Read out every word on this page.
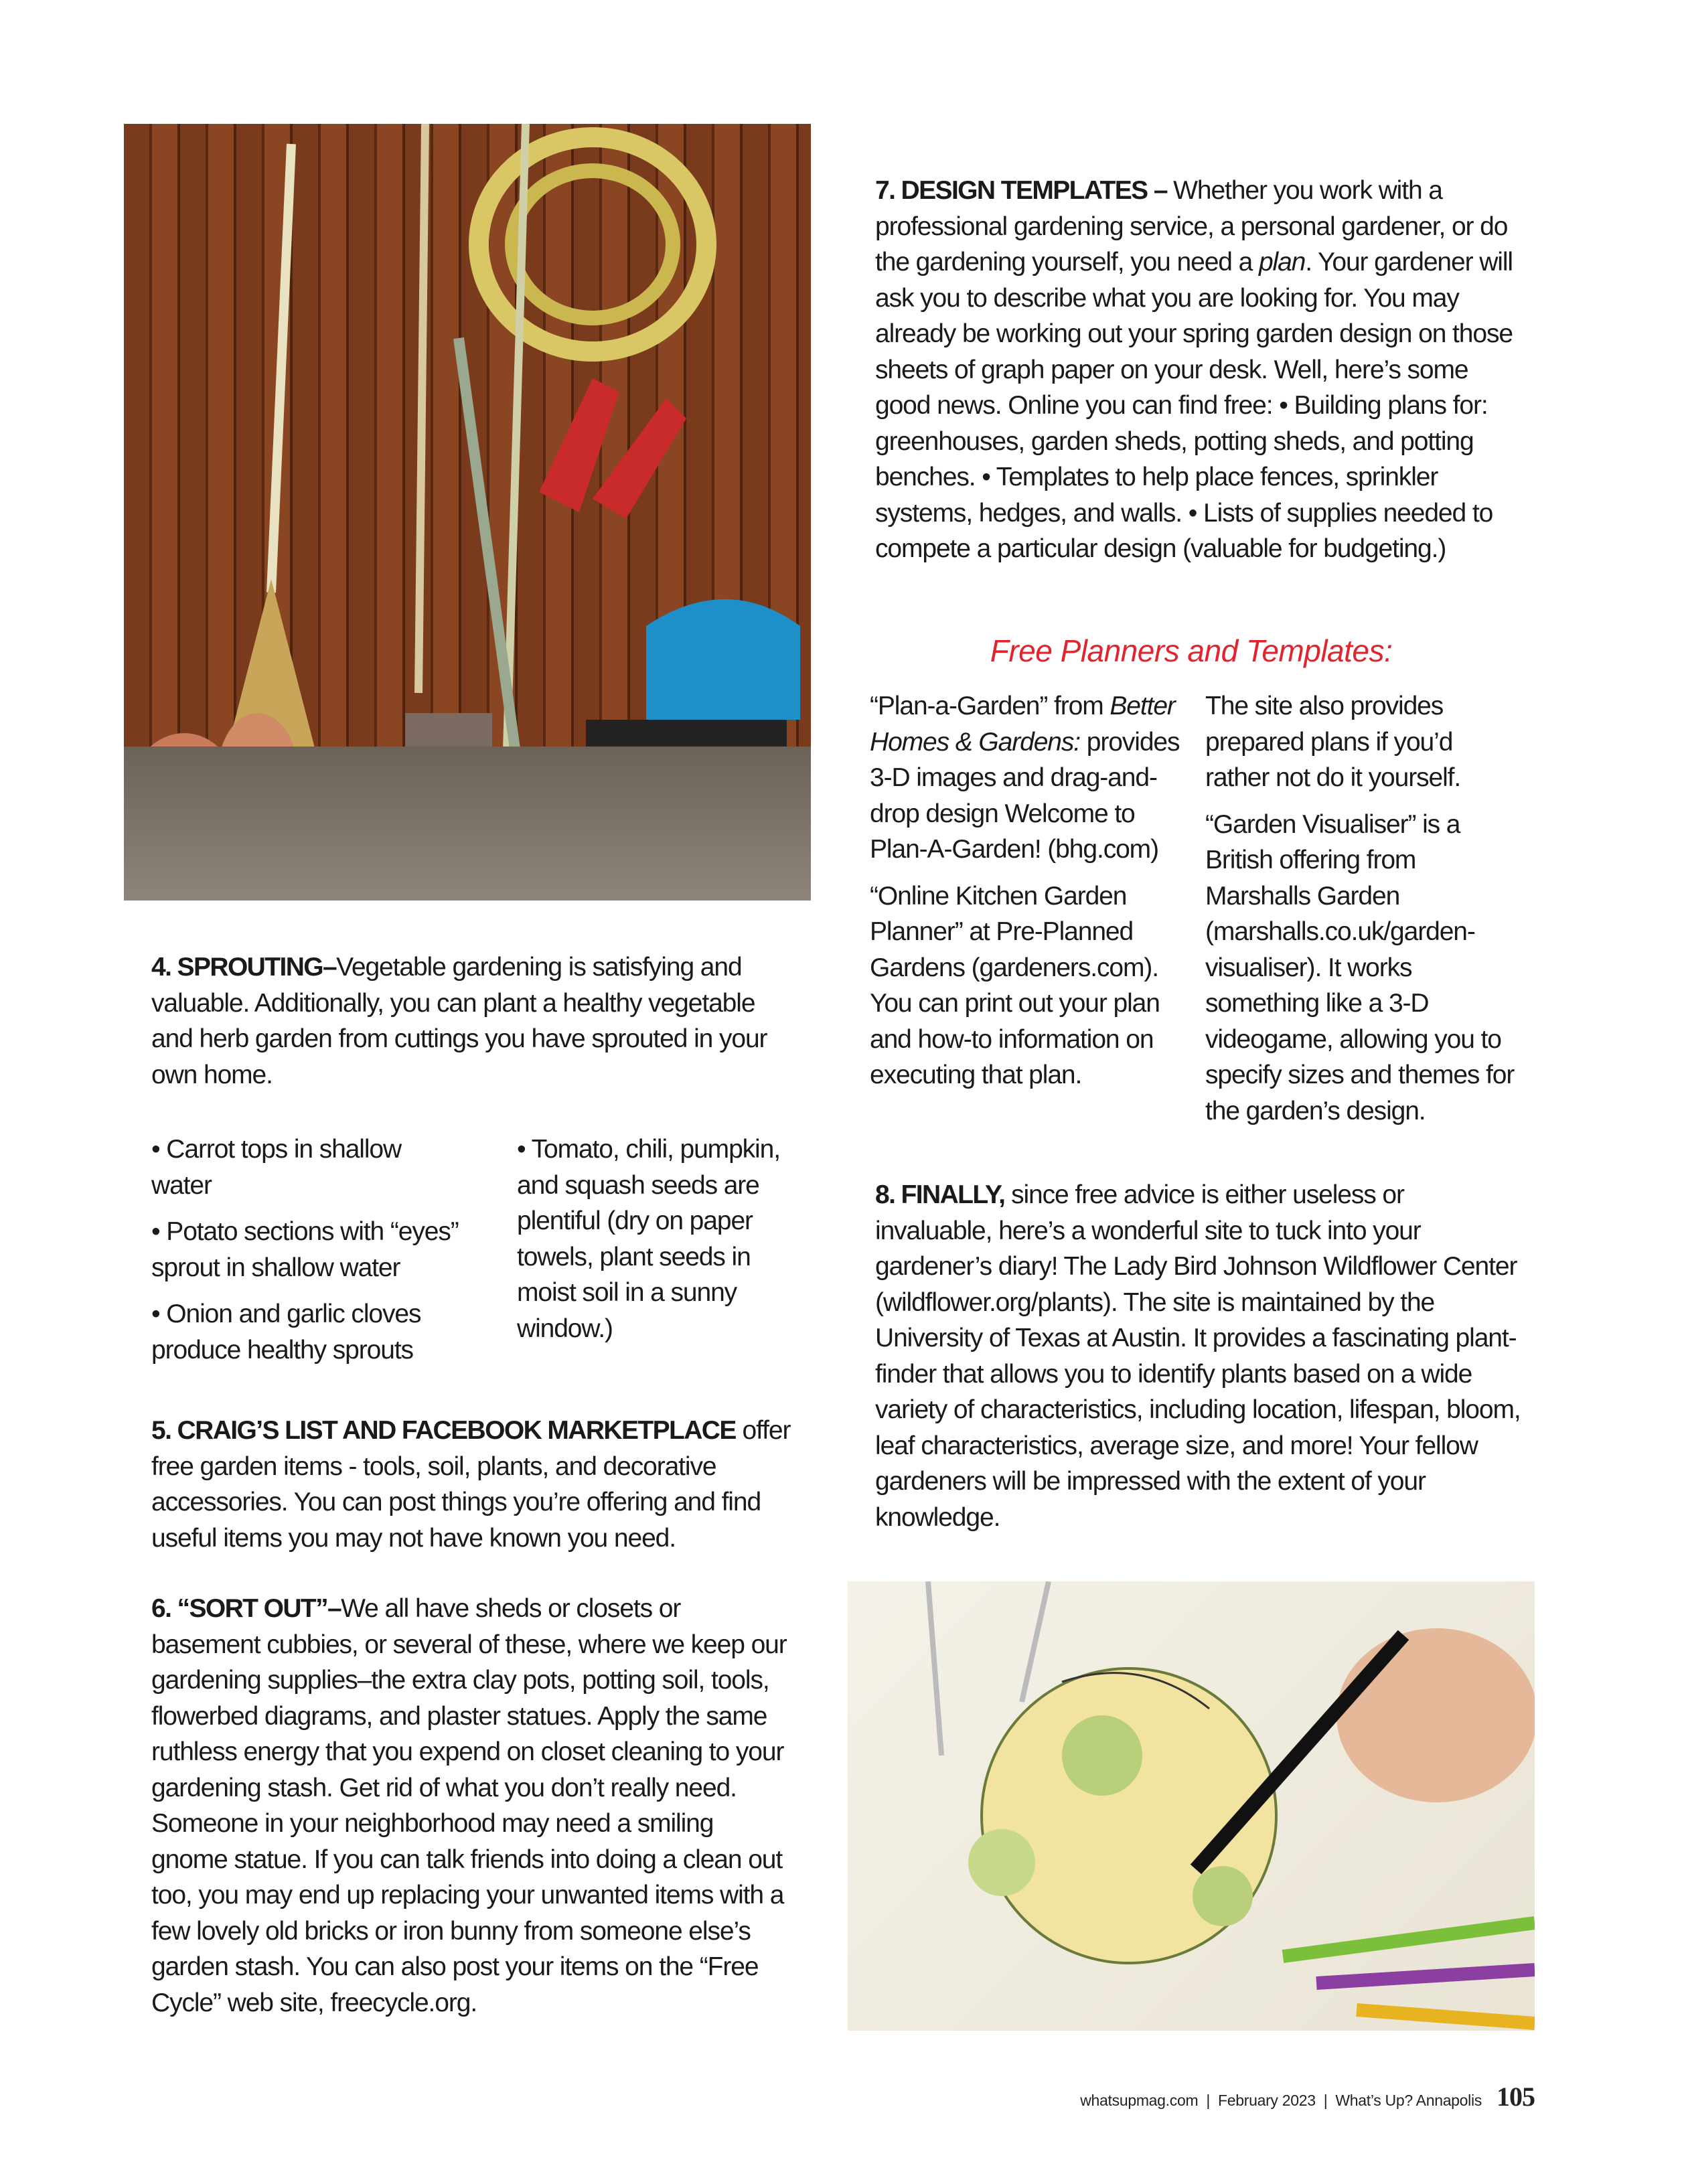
4. SPROUTING–Vegetable gardening is satisfying and valuable. Additionally, you can plant a healthy vegetable and herb garden from cuttings you have sprouted in your own home.

• Carrot tops in shallow water

• Potato sections with “eyes” sprout in shallow water

• Onion and garlic cloves produce healthy sprouts

• Tomato, chili, pumpkin, and squash seeds are plentiful (dry on paper towels, plant seeds in moist soil in a sunny window.)

5. CRAIG’S LIST AND FACEBOOK MARKETPLACE offer free garden items - tools, soil, plants, and decorative accessories. You can post things you’re offering and find useful items you may not have known you need.

6. “SORT OUT”–We all have sheds or closets or basement cubbies, or several of these, where we keep our gardening supplies–the extra clay pots, potting soil, tools, flowerbed diagrams, and plaster statues. Apply the same ruthless energy that you expend on closet cleaning to your gardening stash. Get rid of what you don’t really need. Someone in your neighborhood may need a smiling gnome statue. If you can talk friends into doing a clean out too, you may end up replacing your unwanted items with a few lovely old bricks or iron bunny from someone else’s garden stash. You can also post your items on the “Free Cycle” web site, freecycle.org.

7. DESIGN TEMPLATES – Whether you work with a professional gardening service, a personal gardener, or do the gardening yourself, you need a plan. Your gardener will ask you to describe what you are looking for. You may already be working out your spring garden design on those sheets of graph paper on your desk. Well, here’s some good news. Online you can find free: • Building plans for: greenhouses, garden sheds, potting sheds, and potting benches. • Templates to help place fences, sprinkler systems, hedges, and walls. • Lists of supplies needed to compete a particular design (valuable for budgeting.)

Free Planners and Templates:

“Plan-a-Garden” from Better Homes & Gardens: provides 3-D images and drag-and-drop design Welcome to Plan-A-Garden! (bhg.com)

“Online Kitchen Garden Planner” at Pre-Planned Gardens (gardeners.com). You can print out your plan and how-to information on executing that plan.

The site also provides prepared plans if you’d rather not do it yourself.

“Garden Visualiser” is a British offering from Marshalls Garden (marshalls.co.uk/garden-visualiser). It works something like a 3-D videogame, allowing you to specify sizes and themes for the garden’s design.

8. FINALLY, since free advice is either useless or invaluable, here’s a wonderful site to tuck into your gardener’s diary! The Lady Bird Johnson Wildflower Center (wildflower.org/plants). The site is maintained by the University of Texas at Austin. It provides a fascinating plant-finder that allows you to identify plants based on a wide variety of characteristics, including location, lifespan, bloom, leaf characteristics, average size, and more! Your fellow gardeners will be impressed with the extent of your knowledge.

whatsupmag.com | February 2023 | What’s Up? Annapolis 105
